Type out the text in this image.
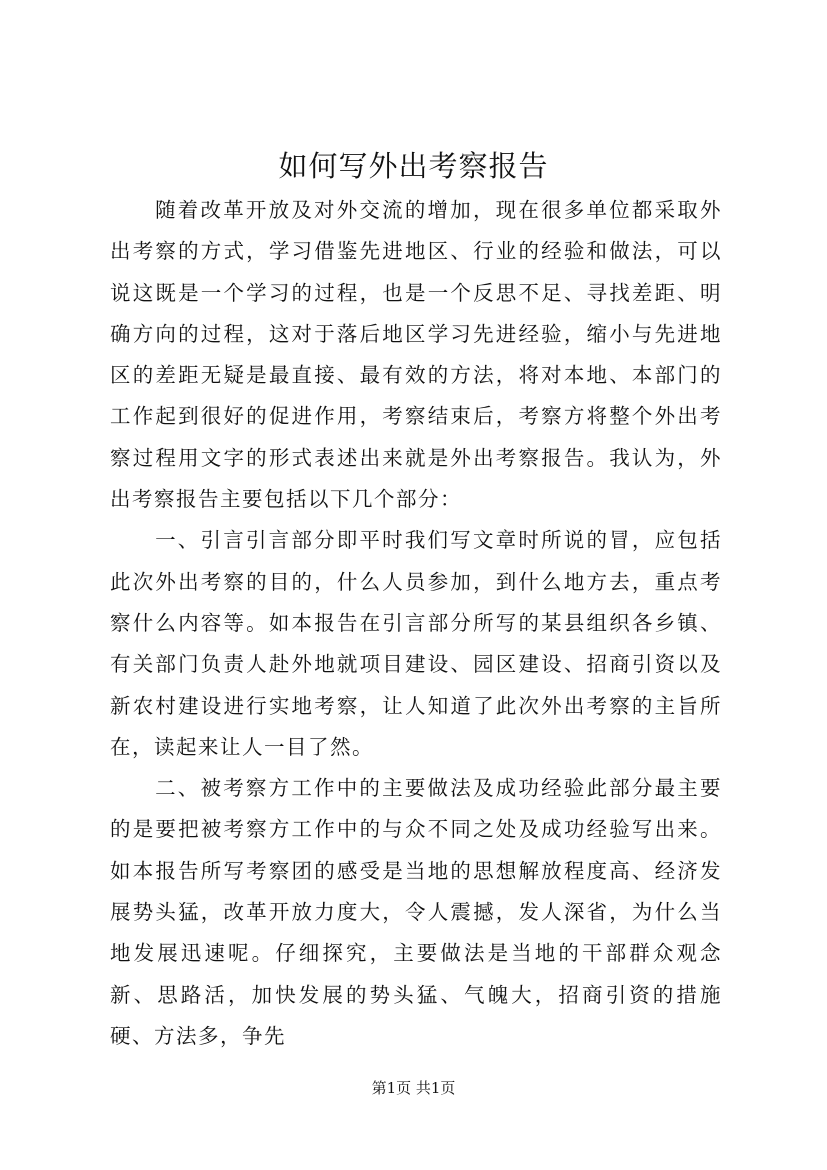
如何写外出考察报告

随着改革开放及对外交流的增加，现在很多单位都采取外出考察的方式，学习借鉴先进地区、行业的经验和做法，可以说这既是一个学习的过程，也是一个反思不足、寻找差距、明确方向的过程，这对于落后地区学习先进经验，缩小与先进地区的差距无疑是最直接、最有效的方法，将对本地、本部门的工作起到很好的促进作用，考察结束后，考察方将整个外出考察过程用文字的形式表述出来就是外出考察报告。我认为，外出考察报告主要包括以下几个部分：

一、引言引言部分即平时我们写文章时所说的冒，应包括此次外出考察的目的，什么人员参加，到什么地方去，重点考察什么内容等。如本报告在引言部分所写的某县组织各乡镇、有关部门负责人赴外地就项目建设、园区建设、招商引资以及新农村建设进行实地考察，让人知道了此次外出考察的主旨所在，读起来让人一目了然。

二、被考察方工作中的主要做法及成功经验此部分最主要的是要把被考察方工作中的与众不同之处及成功经验写出来。如本报告所写考察团的感受是当地的思想解放程度高、经济发展势头猛，改革开放力度大，令人震撼，发人深省，为什么当地发展迅速呢。仔细探究，主要做法是当地的干部群众观念新、思路活，加快发展的势头猛、气魄大，招商引资的措施硬、方法多，争先

第1页 共1页
